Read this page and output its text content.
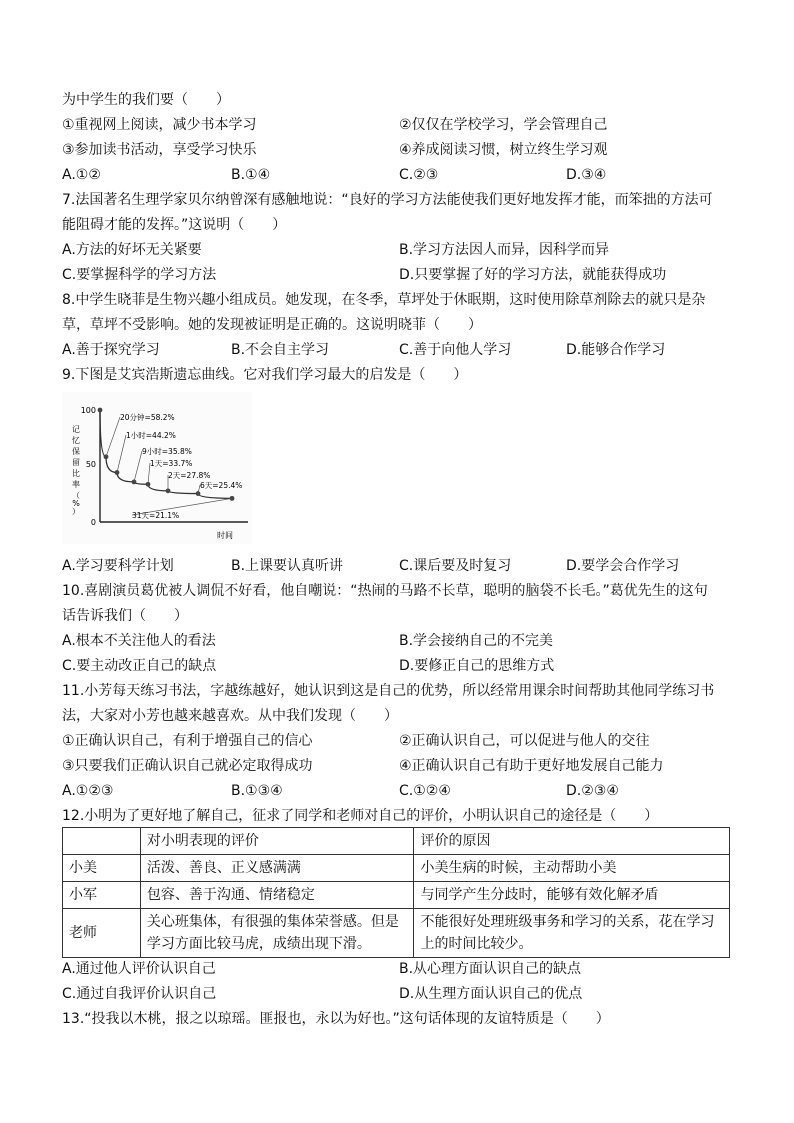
为中学生的我们要（　　）
①重视网上阅读，减少书本学习	②仅仅在学校学习，学会管理自己
③参加读书活动，享受学习快乐	④养成阅读习惯，树立终生学习观
A.①②	B.①④	C.②③	D.③④
7.法国著名生理学家贝尔纳曾深有感触地说：“良好的学习方法能使我们更好地发挥才能，而笨拙的方法可
能阻碍才能的发挥。”这说明（　　）
A.方法的好坏无关紧要	B.学习方法因人而异，因科学而异
C.要掌握科学的学习方法	D.只要掌握了好的学习方法，就能获得成功
8.中学生晓菲是生物兴趣小组成员。她发现，在冬季，草坪处于休眠期，这时使用除草剂除去的就只是杂
草，草坪不受影响。她的发现被证明是正确的。这说明晓菲（　　）
A.善于探究学习	B.不会自主学习	C.善于向他人学习	D.能够合作学习
9.下图是艾宾浩斯遗忘曲线。它对我们学习最大的启发是（　　）
100
50
0
时间
记
忆
保
留
比
率
（
%
）
20分钟=58.2%
1小时=44.2%
9小时=35.8%
1天=33.7%
2天=27.8%
6天=25.4%
31天=21.1%
A.学习要科学计划	B.上课要认真听讲	C.课后要及时复习	D.要学会合作学习
10.喜剧演员葛优被人调侃不好看，他自嘲说：“热闹的马路不长草，聪明的脑袋不长毛。”葛优先生的这句
话告诉我们（　　）
A.根本不关注他人的看法	B.学会接纳自己的不完美
C.要主动改正自己的缺点	D.要修正自己的思维方式
11.小芳每天练习书法，字越练越好，她认识到这是自己的优势，所以经常用课余时间帮助其他同学练习书
法，大家对小芳也越来越喜欢。从中我们发现（　　）
①正确认识自己，有利于增强自己的信心	②正确认识自己，可以促进与他人的交往
③只要我们正确认识自己就必定取得成功	④正确认识自己有助于更好地发展自己能力
A.①②③	B.①③④	C.①②④	D.②③④
12.小明为了更好地了解自己，征求了同学和老师对自己的评价，小明认识自己的途径是（　　）
	对小明表现的评价	评价的原因
小美	活泼、善良、正义感满满	小美生病的时候，主动帮助小美
小军	包容、善于沟通、情绪稳定	与同学产生分歧时，能够有效化解矛盾
老师	关心班集体，有很强的集体荣誉感。但是学习方面比较马虎，成绩出现下滑。	不能很好处理班级事务和学习的关系，花在学习上的时间比较少。
A.通过他人评价认识自己	B.从心理方面认识自己的缺点
C.通过自我评价认识自己	D.从生理方面认识自己的优点
13.“投我以木桃，报之以琼瑶。匪报也，永以为好也。”这句话体现的友谊特质是（　　）
